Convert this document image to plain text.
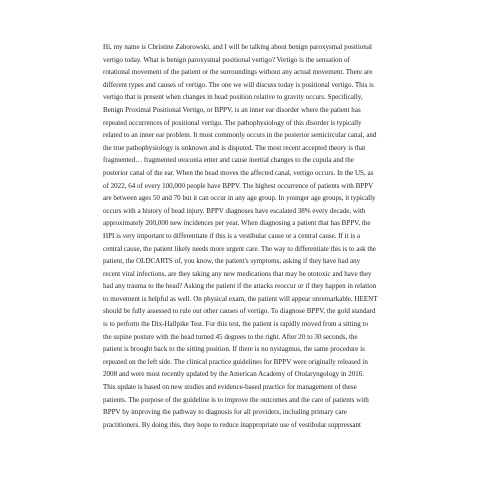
Hi, my name is Christine Zaborowski, and I will be talking about benign paroxysmal positional
vertigo today. What is benign paroxysmal positional vertigo? Vertigo is the sensation of
rotational movement of the patient or the surroundings without any actual movement. There are
different types and causes of vertigo. The one we will discuss today is positional vertigo. This is
vertigo that is present when changes in head position relative to gravity occurs. Specifically,
Benign Proximal Positional Vertigo, or BPPV, is an inner ear disorder where the patient has
repeated occurrences of positional vertigo. The pathophysiology of this disorder is typically
related to an inner ear problem. It most commonly occurs in the posterior semicircular canal, and
the true pathophysiology is unknown and is disputed. The most recent accepted theory is that
fragmented… fragmented otoconia enter and cause inertial changes to the cupula and the
posterior canal of the ear. When the head moves the affected canal, vertigo occurs. In the US, as
of 2022, 64 of every 100,000 people have BPPV. The highest occurrence of patients with BPPV
are between ages 50 and 70 but it can occur in any age group. In younger age groups, it typically
occurs with a history of head injury. BPPV diagnoses have escalated 38% every decade, with
approximately 200,000 new incidences per year. When diagnosing a patient that has BPPV, the
HPI is very important to differentiate if this is a vestibular cause or a central cause. If it is a
central cause, the patient likely needs more urgent care. The way to differentiate this is to ask the
patient, the OLDCARTS of, you know, the patient's symptoms, asking if they have had any
recent viral infections, are they taking any new medications that may be ototoxic and have they
had any trauma to the head? Asking the patient if the attacks reoccur or if they happen in relation
to movement is helpful as well. On physical exam, the patient will appear unremarkable. HEENT
should be fully assessed to rule out other causes of vertigo. To diagnose BPPV, the gold standard
is to perform the Dix-Hallpike Test. For this test, the patient is rapidly moved from a sitting to
the supine posture with the head turned 45 degrees to the right. After 20 to 30 seconds, the
patient is brought back to the sitting position. If there is no nystagmus, the same procedure is
repeated on the left side. The clinical practice guidelines for BPPV were originally released in
2008 and were most recently updated by the American Academy of Otolaryngology in 2016.
This update is based on new studies and evidence-based practice for management of these
patients. The purpose of the guideline is to improve the outcomes and the care of patients with
BPPV by improving the pathway to diagnosis for all providers, including primary care
practitioners. By doing this, they hope to reduce inappropriate use of vestibular suppressant
